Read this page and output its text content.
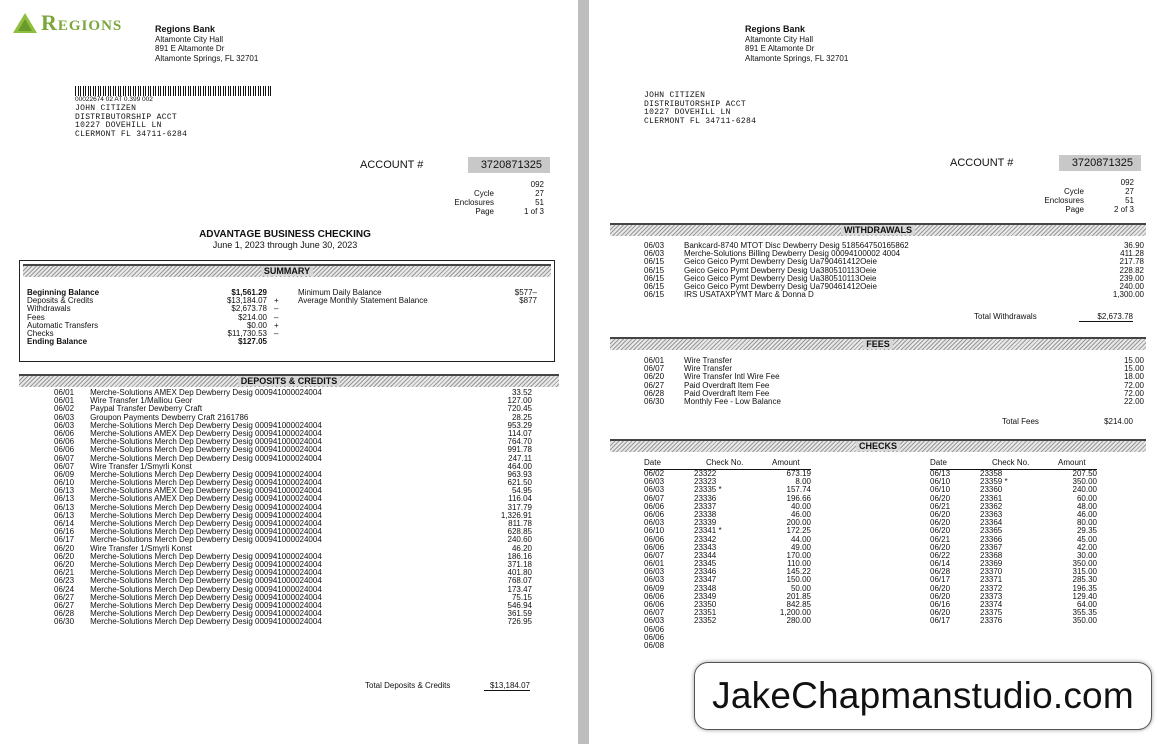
Regions	Regions Bank
Altamonte City Hall
891 E Altamonte Dr
Altamonte Springs, FL 32701
00022674 02 AT 0.399 002
JOHN CITIZEN
DISTRIBUTORSHIP ACCT
10227 DOVEHILL LN
CLERMONT FL 34711-6284
ACCOUNT #	3720871325
092
Cycle	27
Enclosures	51
Page	1 of 3
ADVANTAGE BUSINESS CHECKING
June 1, 2023 through June 30, 2023
SUMMARY
Beginning Balance	$1,561.29
Deposits & Credits	$13,184.07 +
Withdrawals	$2,673.78 –
Fees	$214.00 –
Automatic Transfers	$0.00 +
Checks	$11,730.53 –
Ending Balance	$127.05
Minimum Daily Balance	$577–
Average Monthly Statement Balance	$877
DEPOSITS & CREDITS
06/01	Merche-Solutions AMEX Dep Dewberry Desig 000941000024004	33.52
06/01	Wire Transfer 1/Malliou Geor	127.00
06/02	Paypal Transfer Dewberry Craft	720.45
06/03	Groupon Payments Dewberry Craft 2161786	28.25
06/03	Merche-Solutions Merch Dep Dewberry Desig 000941000024004	953.29
06/06	Merche-Solutions AMEX Dep Dewberry Desig 000941000024004	114.07
06/06	Merche-Solutions Merch Dep Dewberry Desig 000941000024004	764.70
06/06	Merche-Solutions Merch Dep Dewberry Desig 000941000024004	991.78
06/07	Merche-Solutions Merch Dep Dewberry Desig 000941000024004	247.11
06/07	Wire Transfer 1/Smyrli Konst	464.00
06/09	Merche-Solutions Merch Dep Dewberry Desig 000941000024004	963.93
06/10	Merche-Solutions Merch Dep Dewberry Desig 000941000024004	621.50
06/13	Merche-Solutions AMEX Dep Dewberry Desig 000941000024004	54.95
06/13	Merche-Solutions AMEX Dep Dewberry Desig 000941000024004	116.04
06/13	Merche-Solutions Merch Dep Dewberry Desig 000941000024004	317.79
06/13	Merche-Solutions Merch Dep Dewberry Desig 000941000024004	1,326.91
06/14	Merche-Solutions Merch Dep Dewberry Desig 000941000024004	811.78
06/16	Merche-Solutions Merch Dep Dewberry Desig 000941000024004	628.85
06/17	Merche-Solutions Merch Dep Dewberry Desig 000941000024004	240.60
06/20	Wire Transfer 1/Smyrli Konst	46.20
06/20	Merche-Solutions Merch Dep Dewberry Desig 000941000024004	186.16
06/20	Merche-Solutions Merch Dep Dewberry Desig 000941000024004	371.18
06/21	Merche-Solutions Merch Dep Dewberry Desig 000941000024004	401.80
06/23	Merche-Solutions Merch Dep Dewberry Desig 000941000024004	768.07
06/24	Merche-Solutions Merch Dep Dewberry Desig 000941000024004	173.47
06/27	Merche-Solutions Merch Dep Dewberry Desig 000941000024004	75.15
06/27	Merche-Solutions Merch Dep Dewberry Desig 000941000024004	546.94
06/28	Merche-Solutions Merch Dep Dewberry Desig 000941000024004	361.59
06/30	Merche-Solutions Merch Dep Dewberry Desig 000941000024004	726.95
Total Deposits & Credits	$13,184.07
Regions Bank
Altamonte City Hall
891 E Altamonte Dr
Altamonte Springs, FL 32701
JOHN CITIZEN
DISTRIBUTORSHIP ACCT
10227 DOVEHILL LN
CLERMONT FL 34711-6284
ACCOUNT #	3720871325
092
Cycle	27
Enclosures	51
Page	2 of 3
WITHDRAWALS
06/03	Bankcard-8740 MTOT Disc Dewberry Desig 518564750165862	36.90
06/03	Merche-Solutions Billing Dewberry Desig 00094100002 4004	411.28
06/15	Geico Geico Pymt Dewberry Desig Ua790461412Oeie	217.78
06/15	Geico Geico Pymt Dewberry Desig Ua380510113Oeie	228.82
06/15	Geico Geico Pymt Dewberry Desig Ua380510113Oeie	239.00
06/15	Geico Geico Pymt Dewberry Desig Ua790461412Oeie	240.00
06/15	IRS USATAXPYMT Marc & Donna D	1,300.00
Total Withdrawals	$2,673.78
FEES
06/01	Wire Transfer	15.00
06/07	Wire Transfer	15.00
06/20	Wire Transfer Intl Wire Fee	18.00
06/27	Paid Overdraft Item Fee	72.00
06/28	Paid Overdraft Item Fee	72.00
06/30	Monthly Fee - Low Balance	22.00
Total Fees	$214.00
CHECKS
Date	Check No.	Amount
06/02	23322	673.19
06/03	23323	8.00
06/03	23335 *	157.74
06/07	23336	196.66
06/06	23337	40.00
06/06	23338	46.00
06/03	23339	200.00
06/10	23341 *	172.25
06/06	23342	44.00
06/06	23343	49.00
06/07	23344	170.00
06/01	23345	110.00
06/03	23346	145.22
06/03	23347	150.00
06/09	23348	50.00
06/06	23349	201.85
06/06	23350	842.85
06/07	23351	1,200.00
06/03	23352	280.00
06/06
06/06
06/08
Date	Check No.	Amount
06/13	23358	207.50
06/10	23359 *	350.00
06/10	23360	240.00
06/20	23361	60.00
06/21	23362	48.00
06/20	23363	46.00
06/20	23364	80.00
06/20	23365	29.35
06/21	23366	45.00
06/20	23367	42.00
06/22	23368	30.00
06/14	23369	350.00
06/28	23370	315.00
06/17	23371	285.30
06/20	23372	196.35
06/20	23373	129.40
06/16	23374	64.00
06/20	23375	355.35
06/17	23376	350.00
JakeChapmanstudio.com
